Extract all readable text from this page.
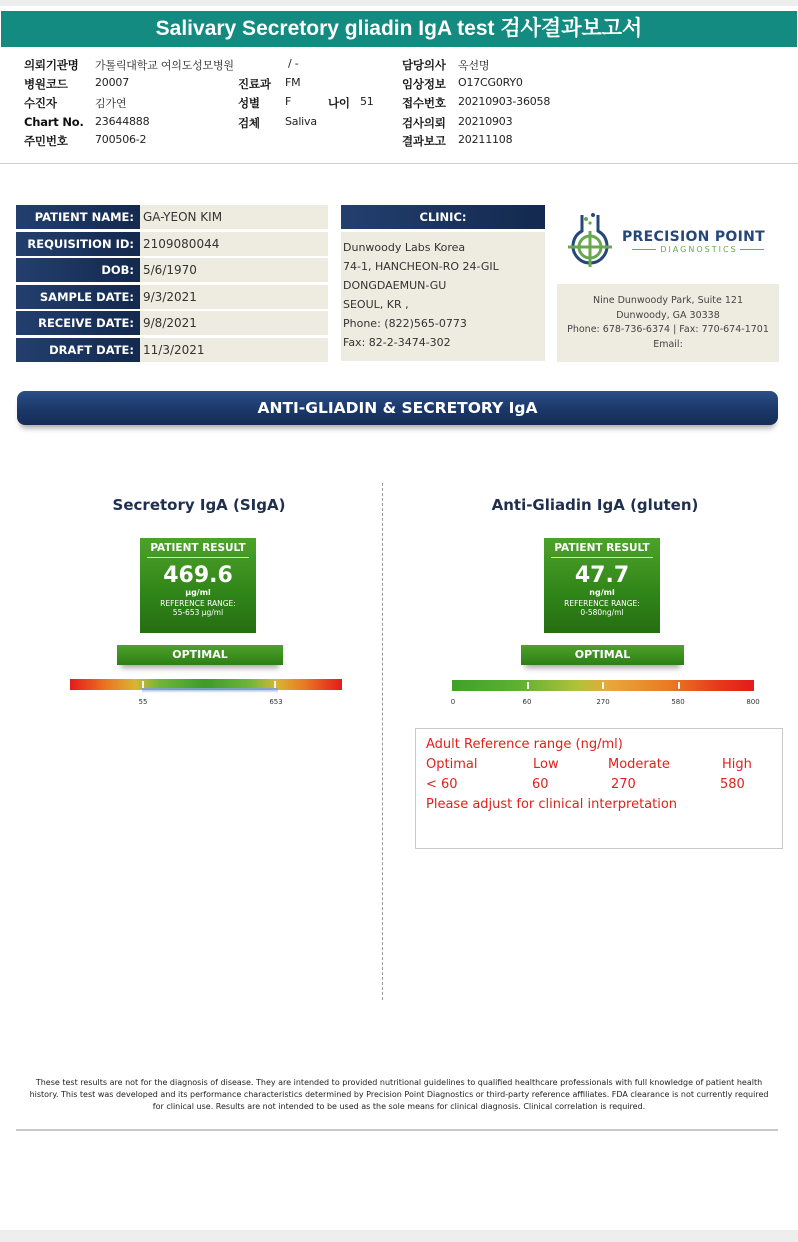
Salivary Secretory gliadin IgA test 검사결과보고서
의뢰기관명 가톨릭대학교 여의도성모병원	/ -	담당의사 옥선명
병원코드 20007	진료과 FM	임상정보 O17CG0RY0
수진자	김가연	성별 F	나이 51 접수번호 20210903-36058
Chart No. 23644888	검체 Saliva	검사의뢰 20210903
주민번호 700506-2	결과보고 20211108
PATIENT NAME: GA-YEON KIM
REQUISITION ID: 2109080044
DOB: 5/6/1970
SAMPLE DATE: 9/3/2021
RECEIVE DATE: 9/8/2021
DRAFT DATE: 11/3/2021
CLINIC:
Dunwoody Labs Korea
74-1, HANCHEON-RO 24-GIL
DONGDAEMUN-GU
SEOUL, KR ,
Phone: (822)565-0773
Fax: 82-2-3474-302
PRECISION POINT
DIAGNOSTICS
Nine Dunwoody Park, Suite 121
Dunwoody, GA 30338
Phone: 678-736-6374 | Fax: 770-674-1701
Email:
ANTI-GLIADIN & SECRETORY IgA
Secretory IgA (SIgA)
PATIENT RESULT
469.6
µg/ml
REFERENCE RANGE:
55-653 µg/ml
OPTIMAL
55	653
Anti-Gliadin IgA (gluten)
PATIENT RESULT
47.7
ng/ml
REFERENCE RANGE:
0-580ng/ml
OPTIMAL
0	60	270	580	800
Adult Reference range (ng/ml)
Optimal	Low	Moderate	High
< 60	60	270	580
Please adjust for clinical interpretation
These test results are not for the diagnosis of disease. They are intended to provided nutritional guidelines to qualified healthcare professionals with full knowledge of patient health history. This test was developed and its performance characteristics determined by Precision Point Diagnostics or third-party reference affiliates. FDA clearance is not currently required for clinical use. Results are not intended to be used as the sole means for clinical diagnosis. Clinical correlation is required.
